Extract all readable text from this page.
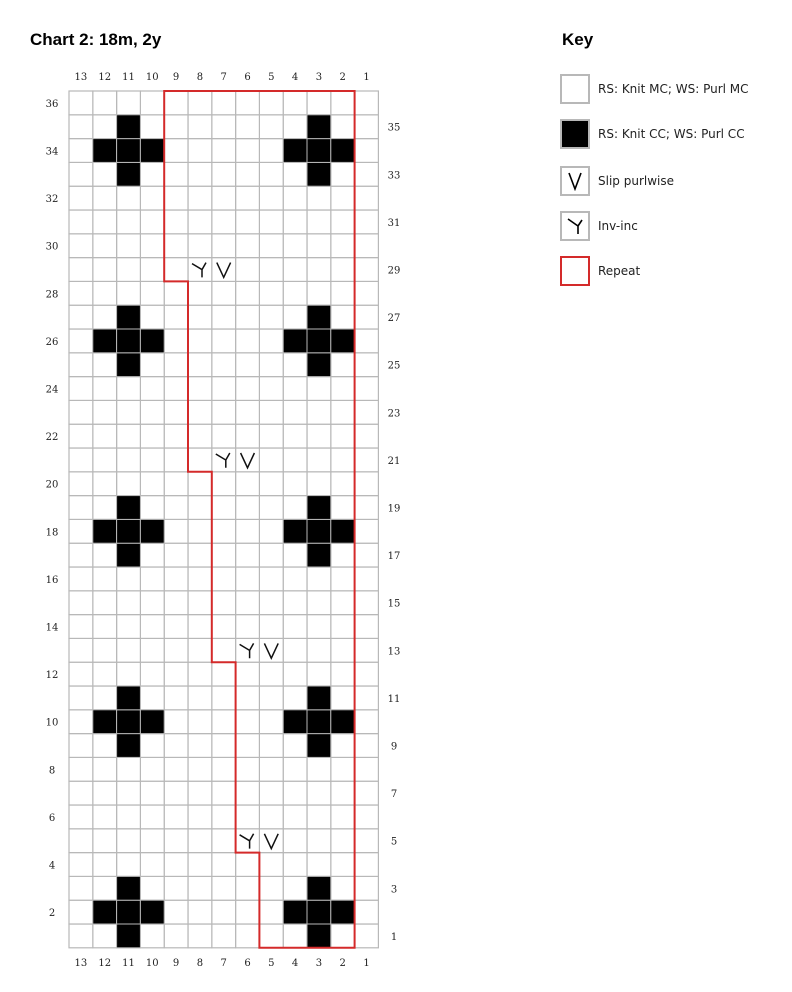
Chart 2: 18m, 2y	Key
13
13
12
12
11
11
10
10
9
9
8
8
7
7
6
6
5
5
4
4
3
3
2
2
1
1
2
4
6
8
10
12
14
16
18
20
22
24
26
28
30
32
34
36
1
3
5
7
9
11
13
15
17
19
21
23
25
27
29
31
33
35
RS: Knit MC; WS: Purl MC
RS: Knit CC; WS: Purl CC
Slip purlwise
Inv-inc
Repeat
